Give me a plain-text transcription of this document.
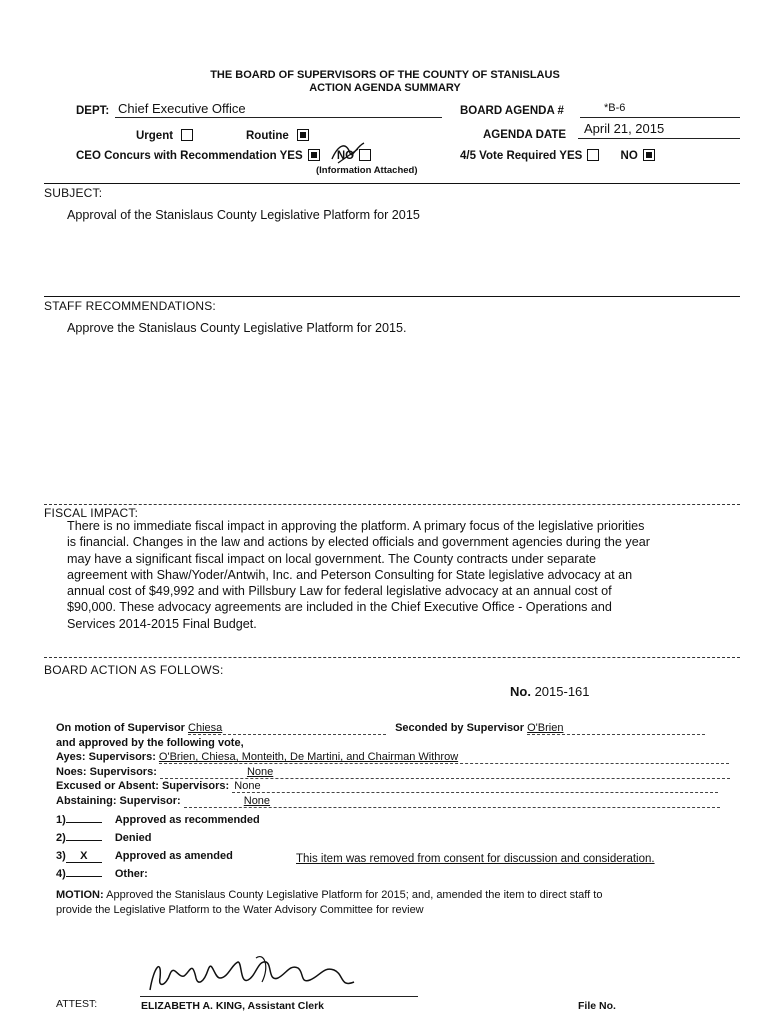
THE BOARD OF SUPERVISORS OF THE COUNTY OF STANISLAUS
ACTION AGENDA SUMMARY
DEPT: Chief Executive Office	BOARD AGENDA #	*B-6
Urgent	Routine	AGENDA DATE April 21, 2015
CEO Concurs with Recommendation YES	NO
(Information Attached)
4/5 Vote Required YES	NO
SUBJECT:
Approval of the Stanislaus County Legislative Platform for 2015
STAFF RECOMMENDATIONS:
Approve the Stanislaus County Legislative Platform for 2015.
FISCAL IMPACT:
There is no immediate fiscal impact in approving the platform. A primary focus of the legislative priorities
is financial. Changes in the law and actions by elected officials and government agencies during the year
may have a significant fiscal impact on local government. The County contracts under separate
agreement with Shaw/Yoder/Antwih, Inc. and Peterson Consulting for State legislative advocacy at an
annual cost of $49,992 and with Pillsbury Law for federal legislative advocacy at an annual cost of
$90,000. These advocacy agreements are included in the Chief Executive Office - Operations and
Services 2014-2015 Final Budget.
BOARD ACTION AS FOLLOWS:
No. 2015-161
On motion of Supervisor Chiesa	Seconded by Supervisor O'Brien
and approved by the following vote,
Ayes: Supervisors: O'Brien, Chiesa, Monteith, De Martini, and Chairman Withrow
Noes: Supervisors:	None
Excused or Absent: Supervisors: None
Abstaining: Supervisor:	None
1)	Approved as recommended
2)	Denied
3) X Approved as amended	This item was removed from consent for discussion and consideration.
4)	Other:
MOTION: Approved the Stanislaus County Legislative Platform for 2015; and, amended the item to direct staff to
provide the Legislative Platform to the Water Advisory Committee for review
ATTEST:	ELIZABETH A. KING, Assistant Clerk	File No.
